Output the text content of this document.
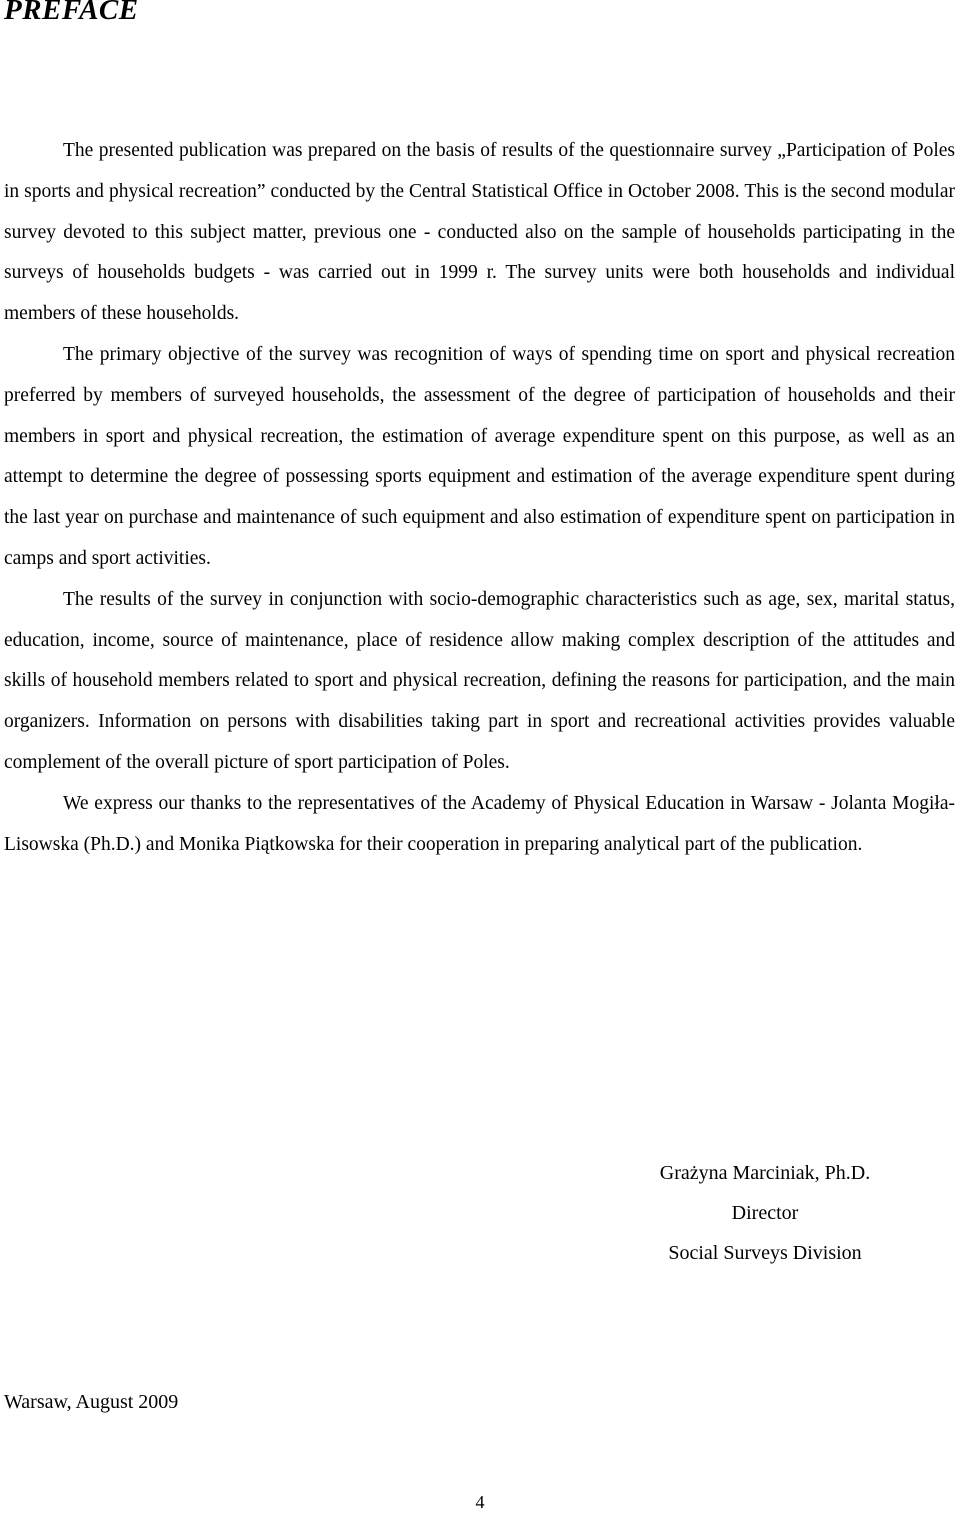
PREFACE

The presented publication was prepared on the basis of results of the questionnaire survey „Participation of Poles in sports and physical recreation” conducted by the Central Statistical Office in October 2008. This is the second modular survey devoted to this subject matter, previous one - conducted also on the sample of households participating in the surveys of households budgets - was carried out in 1999 r. The survey units were both households and individual members of these households.

The primary objective of the survey was recognition of ways of spending time on sport and physical recreation preferred by members of surveyed households, the assessment of the degree of participation of households and their members in sport and physical recreation, the estimation of average expenditure spent on this purpose, as well as an attempt to determine the degree of possessing sports equipment and estimation of the average expenditure spent during the last year on purchase and maintenance of such equipment and also estimation of expenditure spent on participation in camps and sport activities.

The results of the survey in conjunction with socio-demographic characteristics such as age, sex, marital status, education, income, source of maintenance, place of residence allow making complex description of the attitudes and skills of household members related to sport and physical recreation, defining the reasons for participation, and the main organizers. Information on persons with disabilities taking part in sport and recreational activities provides valuable complement of the overall picture of sport participation of Poles.

We express our thanks to the representatives of the Academy of Physical Education in Warsaw - Jolanta Mogiła-Lisowska (Ph.D.) and Monika Piątkowska for their cooperation in preparing analytical part of the publication.

Grażyna Marciniak, Ph.D.
Director
Social Surveys Division
Warsaw, August 2009
4
